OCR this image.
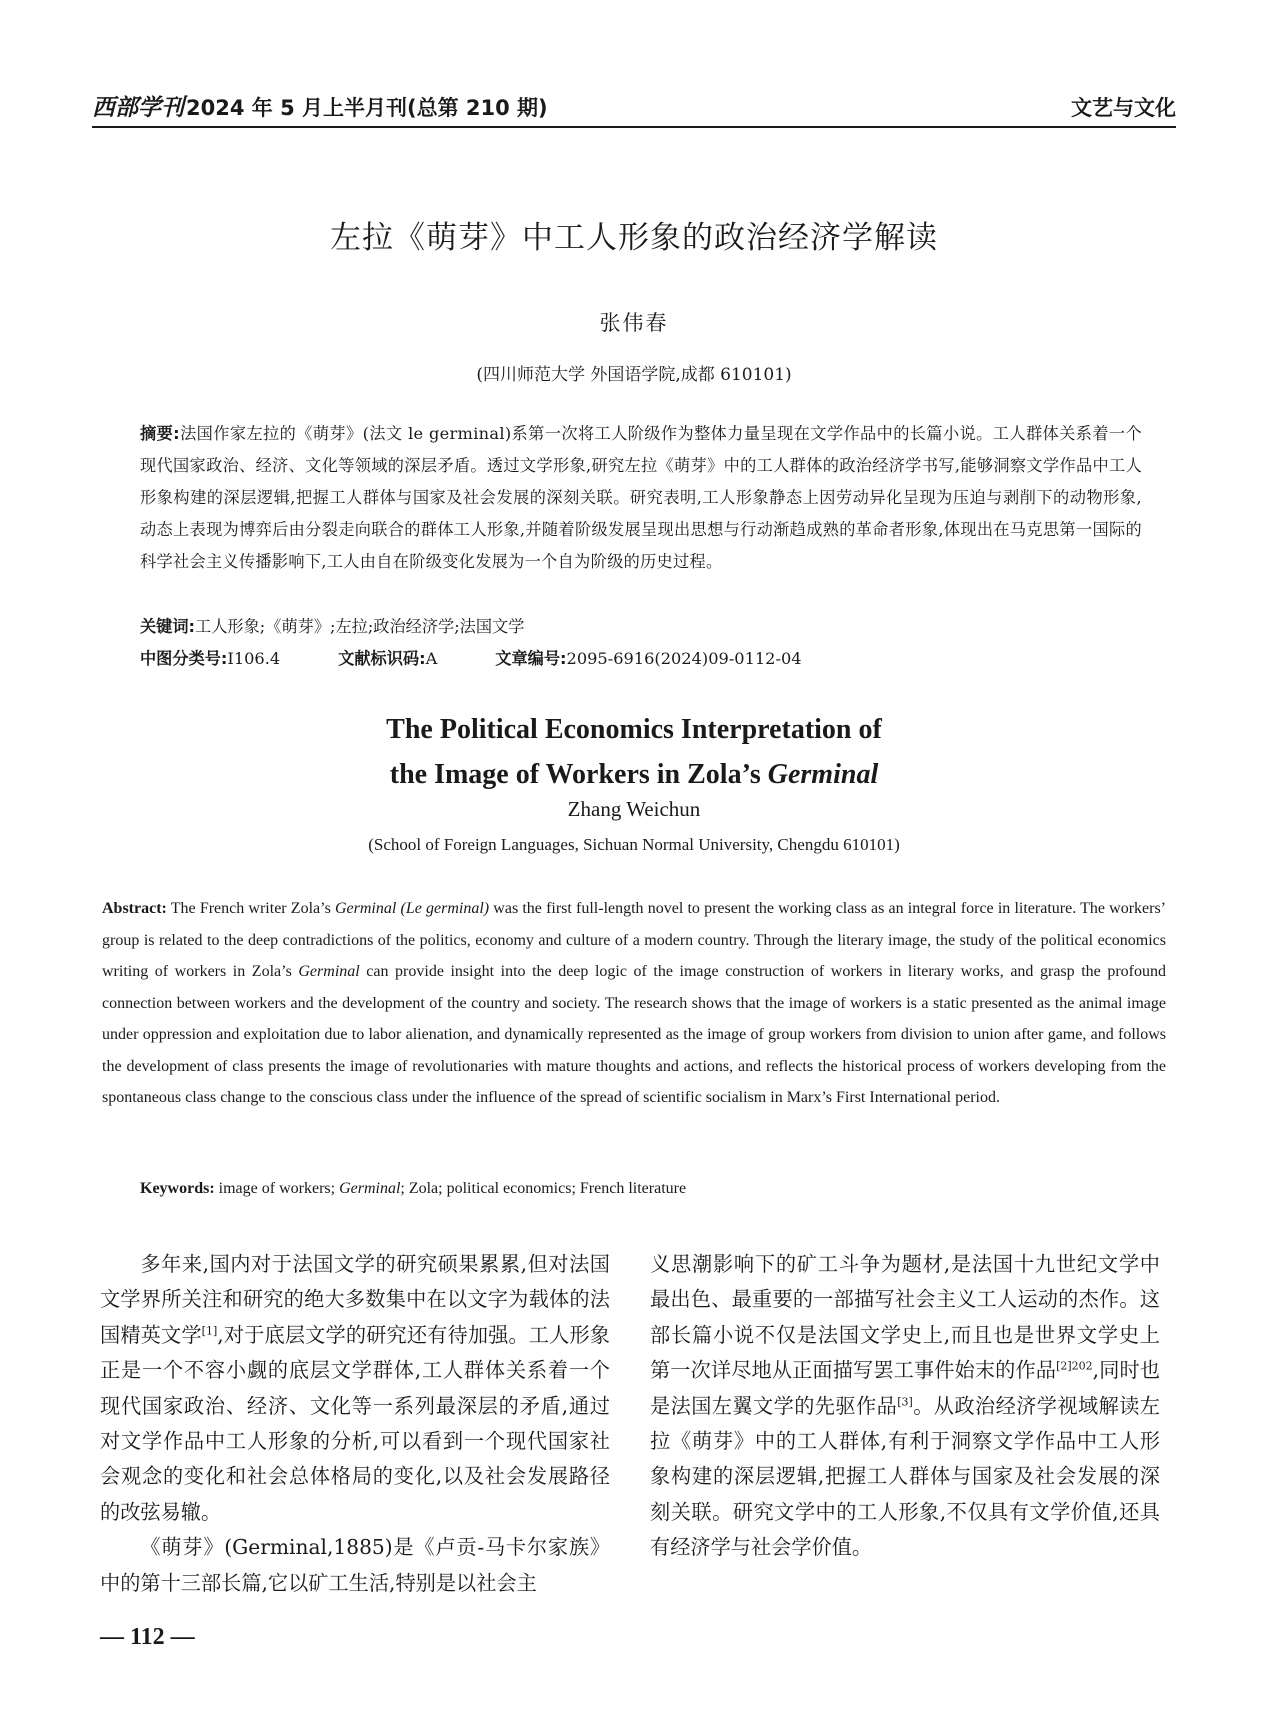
西部学刊2024 年 5 月上半月刊(总第 210 期)	文艺与文化
左拉《萌芽》中工人形象的政治经济学解读
张伟春
(四川师范大学 外国语学院,成都 610101)
摘要:法国作家左拉的《萌芽》(法文 le germinal)系第一次将工人阶级作为整体力量呈现在文学作品中的长篇小说。工人群体关系着一个现代国家政治、经济、文化等领域的深层矛盾。透过文学形象,研究左拉《萌芽》中的工人群体的政治经济学书写,能够洞察文学作品中工人形象构建的深层逻辑,把握工人群体与国家及社会发展的深刻关联。研究表明,工人形象静态上因劳动异化呈现为压迫与剥削下的动物形象,动态上表现为博弈后由分裂走向联合的群体工人形象,并随着阶级发展呈现出思想与行动渐趋成熟的革命者形象,体现出在马克思第一国际的科学社会主义传播影响下,工人由自在阶级变化发展为一个自为阶级的历史过程。
关键词:工人形象;《萌芽》;左拉;政治经济学;法国文学
中图分类号:I106.4	文献标识码:A	文章编号:2095-6916(2024)09-0112-04
The Political Economics Interpretation of
the Image of Workers in Zola’s Germinal
Zhang Weichun
(School of Foreign Languages, Sichuan Normal University, Chengdu 610101)
Abstract: The French writer Zola’s Germinal (Le germinal) was the first full-length novel to present the working class as an integral force in literature. The workers’ group is related to the deep contradictions of the politics, economy and culture of a modern country. Through the literary image, the study of the political economics writing of workers in Zola’s Germinal can provide insight into the deep logic of the image construction of workers in literary works, and grasp the profound connection between workers and the development of the country and society. The research shows that the image of workers is a static presented as the animal image under oppression and exploitation due to labor alienation, and dynamically represented as the image of group workers from division to union after game, and follows the development of class presents the image of revolutionaries with mature thoughts and actions, and reflects the historical process of workers developing from the spontaneous class change to the conscious class under the influence of the spread of scientific socialism in Marx’s First International period.
Keywords: image of workers; Germinal; Zola; political economics; French literature

多年来,国内对于法国文学的研究硕果累累,但对法国文学界所关注和研究的绝大多数集中在以文字为载体的法国精英文学[1],对于底层文学的研究还有待加强。工人形象正是一个不容小觑的底层文学群体,工人群体关系着一个现代国家政治、经济、文化等一系列最深层的矛盾,通过对文学作品中工人形象的分析,可以看到一个现代国家社会观念的变化和社会总体格局的变化,以及社会发展路径的改弦易辙。

《萌芽》(Germinal,1885)是《卢贡-马卡尔家族》中的第十三部长篇,它以矿工生活,特别是以社会主

义思潮影响下的矿工斗争为题材,是法国十九世纪文学中最出色、最重要的一部描写社会主义工人运动的杰作。这部长篇小说不仅是法国文学史上,而且也是世界文学史上第一次详尽地从正面描写罢工事件始末的作品$^{[2]202}$,同时也是法国左翼文学的先驱作品[3]。从政治经济学视域解读左拉《萌芽》中的工人群体,有利于洞察文学作品中工人形象构建的深层逻辑,把握工人群体与国家及社会发展的深刻关联。研究文学中的工人形象,不仅具有文学价值,还具有经济学与社会学价值。

— 112 —
